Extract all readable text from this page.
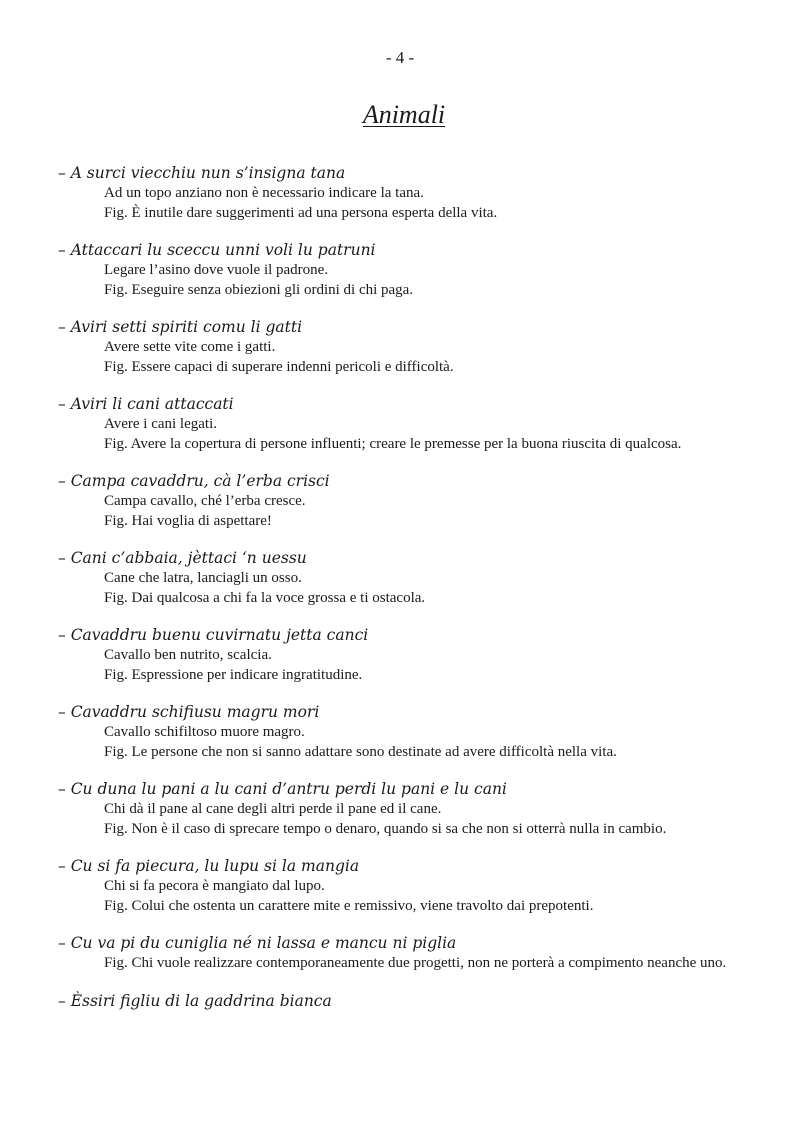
- 4 -
Animali
– A surci viecchiu nun s’insigna tana
Ad un topo anziano non è necessario indicare la tana.
Fig. È inutile dare suggerimenti ad una persona esperta della vita.
– Attaccari lu sceccu unni voli lu patruni
Legare l’asino dove vuole il padrone.
Fig. Eseguire senza obiezioni gli ordini di chi paga.
– Aviri setti spiriti comu li gatti
Avere sette vite come i gatti.
Fig. Essere capaci di superare indenni pericoli e difficoltà.
– Aviri li cani attaccati
Avere i cani legati.
Fig. Avere la copertura di persone influenti; creare le premesse per la buona riuscita di qualcosa.
– Campa cavaddru, cà l’erba crisci
Campa cavallo, ché l’erba cresce.
Fig. Hai voglia di aspettare!
– Cani c’abbaia, jèttaci ‘n uessu
Cane che latra, lanciagli un osso.
Fig. Dai qualcosa a chi fa la voce grossa e ti ostacola.
– Cavaddru buenu cuvirnatu jetta canci
Cavallo ben nutrito, scalcia.
Fig. Espressione per indicare ingratitudine.
– Cavaddru schifiusu magru mori
Cavallo schifiltoso muore magro.
Fig. Le persone che non si sanno adattare sono destinate ad avere difficoltà nella vita.
– Cu duna lu pani a lu cani d’antru perdi lu pani e lu cani
Chi dà il pane al cane degli altri perde il pane ed il cane.
Fig. Non è il caso di sprecare tempo o denaro, quando si sa che non si otterrà nulla in cambio.
– Cu si fa piecura, lu lupu si la mangia
Chi si fa pecora è mangiato dal lupo.
Fig. Colui che ostenta un carattere mite e remissivo, viene travolto dai prepotenti.
– Cu va pi du cuniglia né ni lassa e mancu ni piglia
Fig. Chi vuole realizzare contemporaneamente due progetti, non ne porterà a compimento neanche uno.
– Èssiri figliu di la gaddrina bianca
